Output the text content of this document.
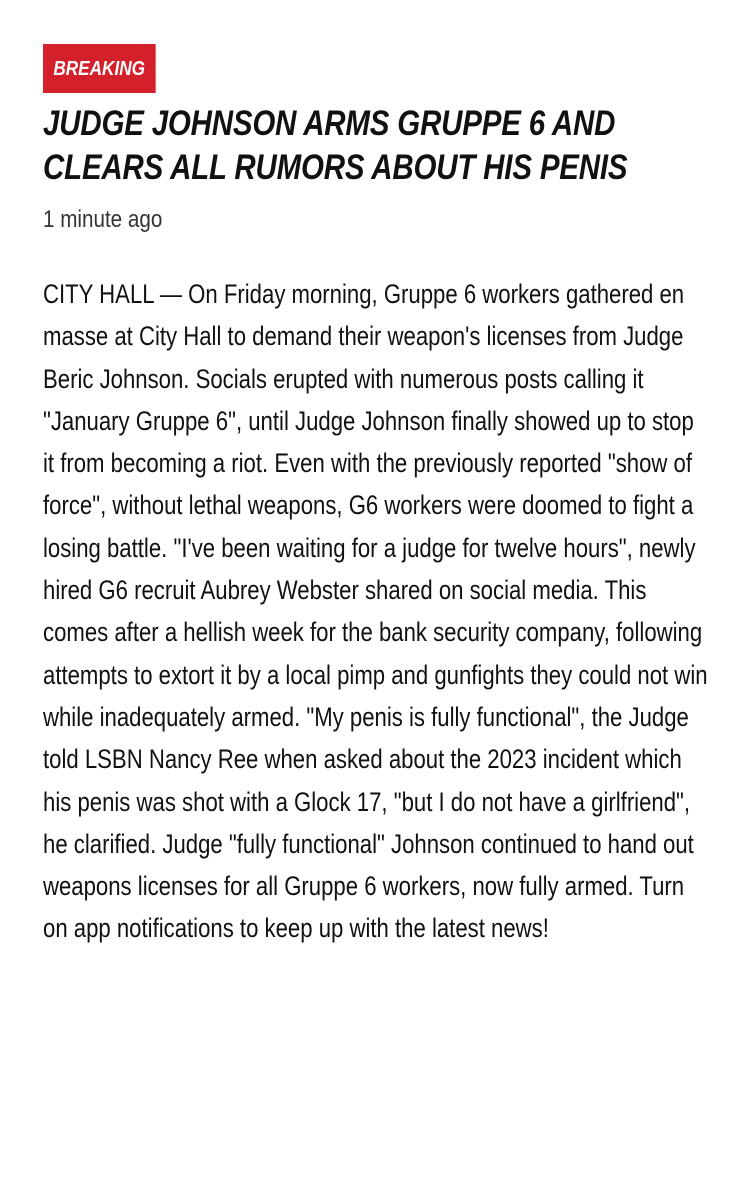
BREAKING
JUDGE JOHNSON ARMS GRUPPE 6 AND CLEARS ALL RUMORS ABOUT HIS PENIS
1 minute ago
CITY HALL — On Friday morning, Gruppe 6 workers gathered en masse at City Hall to demand their weapon's licenses from Judge Beric Johnson. Socials erupted with numerous posts calling it "January Gruppe 6", until Judge Johnson finally showed up to stop it from becoming a riot. Even with the previously reported "show of force", without lethal weapons, G6 workers were doomed to fight a losing battle. "I've been waiting for a judge for twelve hours", newly hired G6 recruit Aubrey Webster shared on social media. This comes after a hellish week for the bank security company, following attempts to extort it by a local pimp and gunfights they could not win while inadequately armed. "My penis is fully functional", the Judge told LSBN Nancy Ree when asked about the 2023 incident which his penis was shot with a Glock 17, "but I do not have a girlfriend", he clarified. Judge "fully functional" Johnson continued to hand out weapons licenses for all Gruppe 6 workers, now fully armed. Turn on app notifications to keep up with the latest news!
